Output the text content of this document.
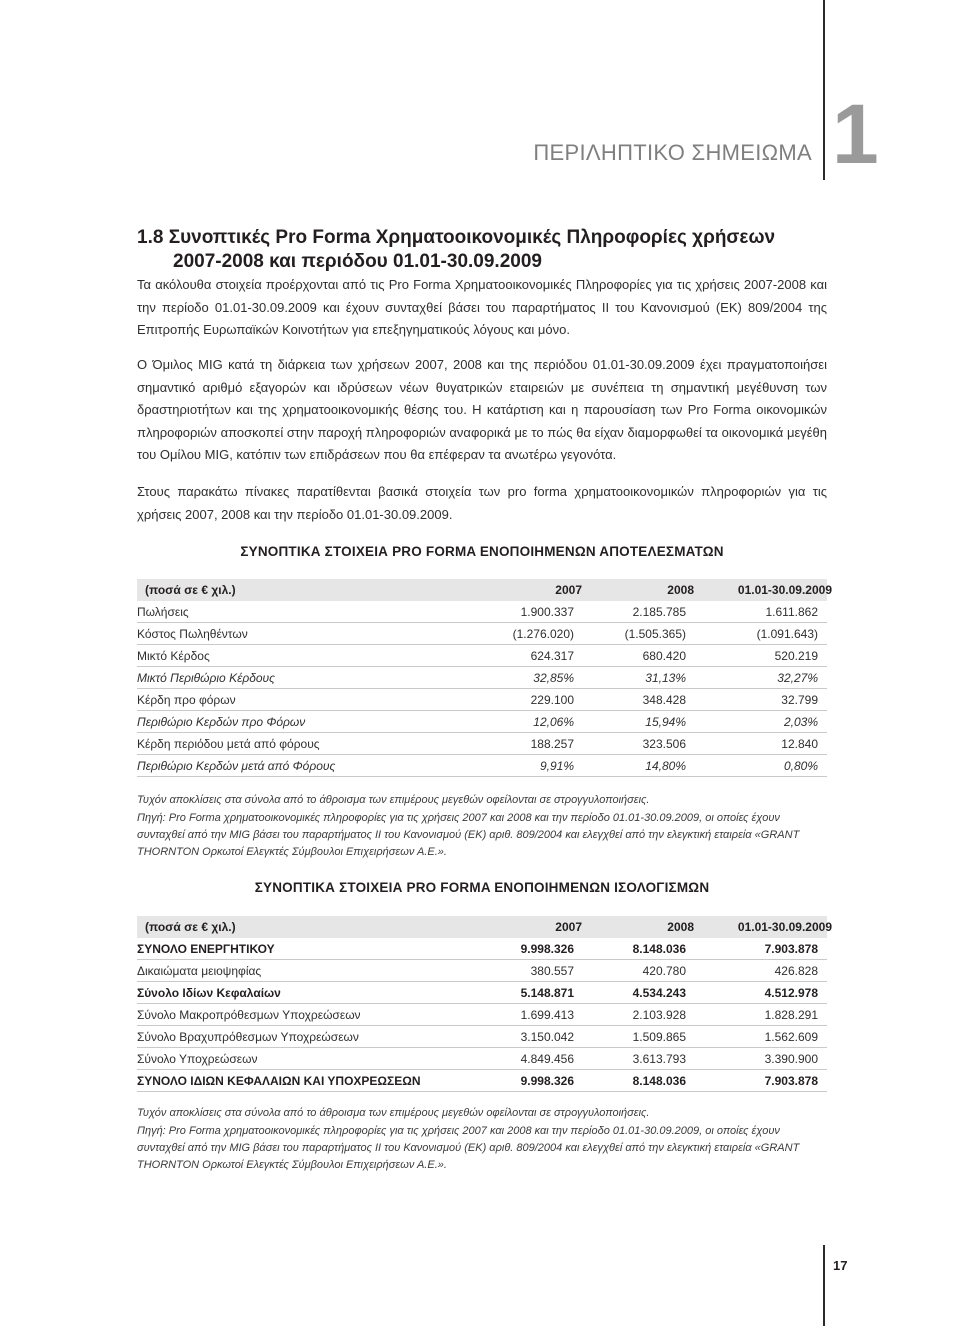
ΠΕΡΙΛΗΠΤΙΚΟ ΣΗΜΕΙΩΜΑ 1
1.8 Συνοπτικές Pro Forma Χρηματοοικονομικές Πληροφορίες χρήσεων
2007-2008 και περιόδου 01.01-30.09.2009
Τα ακόλουθα στοιχεία προέρχονται από τις Pro Forma Χρηματοοικονομικές Πληροφορίες για τις χρήσεις 2007-2008 και την περίοδο 01.01-30.09.2009 και έχουν συνταχθεί βάσει του παραρτήματος ΙΙ του Κανονισμού (ΕΚ) 809/2004 της Επιτροπής Ευρωπαϊκών Κοινοτήτων για επεξηγηματικούς λόγους και μόνο.
Ο Όμιλος MIG κατά τη διάρκεια των χρήσεων 2007, 2008 και της περιόδου 01.01-30.09.2009 έχει πραγματοποιήσει σημαντικό αριθμό εξαγορών και ιδρύσεων νέων θυγατρικών εταιρειών με συνέπεια τη σημαντική μεγέθυνση των δραστηριοτήτων και της χρηματοοικονομικής θέσης του. Η κατάρτιση και η παρουσίαση των Pro Forma οικονομικών πληροφοριών αποσκοπεί στην παροχή πληροφοριών αναφορικά με το πώς θα είχαν διαμορφωθεί τα οικονομικά μεγέθη του Ομίλου MIG, κατόπιν των επιδράσεων που θα επέφεραν τα ανωτέρω γεγονότα.
Στους παρακάτω πίνακες παρατίθενται βασικά στοιχεία των pro forma χρηματοοικονομικών πληροφοριών για τις χρήσεις 2007, 2008 και την περίοδο 01.01-30.09.2009.
ΣΥΝΟΠΤΙΚΑ ΣΤΟΙΧΕΙΑ PRO FORMA ΕΝΟΠΟΙΗΜΕΝΩΝ ΑΠΟΤΕΛΕΣΜΑΤΩΝ
(ποσά σε € χιλ.)	2007	2008	01.01-30.09.2009
Πωλήσεις	1.900.337	2.185.785	1.611.862
Κόστος Πωληθέντων	(1.276.020)	(1.505.365)	(1.091.643)
Μικτό Κέρδος	624.317	680.420	520.219
Μικτό Περιθώριο Κέρδους	32,85%	31,13%	32,27%
Κέρδη προ φόρων	229.100	348.428	32.799
Περιθώριο Κερδών προ Φόρων	12,06%	15,94%	2,03%
Κέρδη περιόδου μετά από φόρους	188.257	323.506	12.840
Περιθώριο Κερδών μετά από Φόρους	9,91%	14,80%	0,80%
Τυχόν αποκλίσεις στα σύνολα από το άθροισμα των επιμέρους μεγεθών οφείλονται σε στρογγυλοποιήσεις.
Πηγή: Pro Forma χρηματοοικονομικές πληροφορίες για τις χρήσεις 2007 και 2008 και την περίοδο 01.01-30.09.2009, οι οποίες έχουν συνταχθεί από την MIG βάσει του παραρτήματος ΙΙ του Κανονισμού (ΕΚ) αριθ. 809/2004 και ελεγχθεί από την ελεγκτική εταιρεία «GRANT THORNTON Ορκωτοί Ελεγκτές Σύμβουλοι Επιχειρήσεων Α.Ε.».
ΣΥΝΟΠΤΙΚΑ ΣΤΟΙΧΕΙΑ PRO FORMA ΕΝΟΠΟΙΗΜΕΝΩΝ ΙΣΟΛΟΓΙΣΜΩΝ
(ποσά σε € χιλ.)	2007	2008	01.01-30.09.2009
ΣΥΝΟΛΟ ΕΝΕΡΓΗΤΙΚΟΥ	9.998.326	8.148.036	7.903.878
Δικαιώματα μειοψηφίας	380.557	420.780	426.828
Σύνολο Ιδίων Κεφαλαίων	5.148.871	4.534.243	4.512.978
Σύνολο Μακροπρόθεσμων Υποχρεώσεων	1.699.413	2.103.928	1.828.291
Σύνολο Βραχυπρόθεσμων Υποχρεώσεων	3.150.042	1.509.865	1.562.609
Σύνολο Υποχρεώσεων	4.849.456	3.613.793	3.390.900
ΣΥΝΟΛΟ ΙΔΙΩΝ ΚΕΦΑΛΑΙΩΝ ΚΑΙ ΥΠΟΧΡΕΩΣΕΩΝ	9.998.326	8.148.036	7.903.878
Τυχόν αποκλίσεις στα σύνολα από το άθροισμα των επιμέρους μεγεθών οφείλονται σε στρογγυλοποιήσεις.
Πηγή: Pro Forma χρηματοοικονομικές πληροφορίες για τις χρήσεις 2007 και 2008 και την περίοδο 01.01-30.09.2009, οι οποίες έχουν συνταχθεί από την MIG βάσει του παραρτήματος ΙΙ του Κανονισμού (ΕΚ) αριθ. 809/2004 και ελεγχθεί από την ελεγκτική εταιρεία «GRANT THORNTON Ορκωτοί Ελεγκτές Σύμβουλοι Επιχειρήσεων Α.Ε.».
17
